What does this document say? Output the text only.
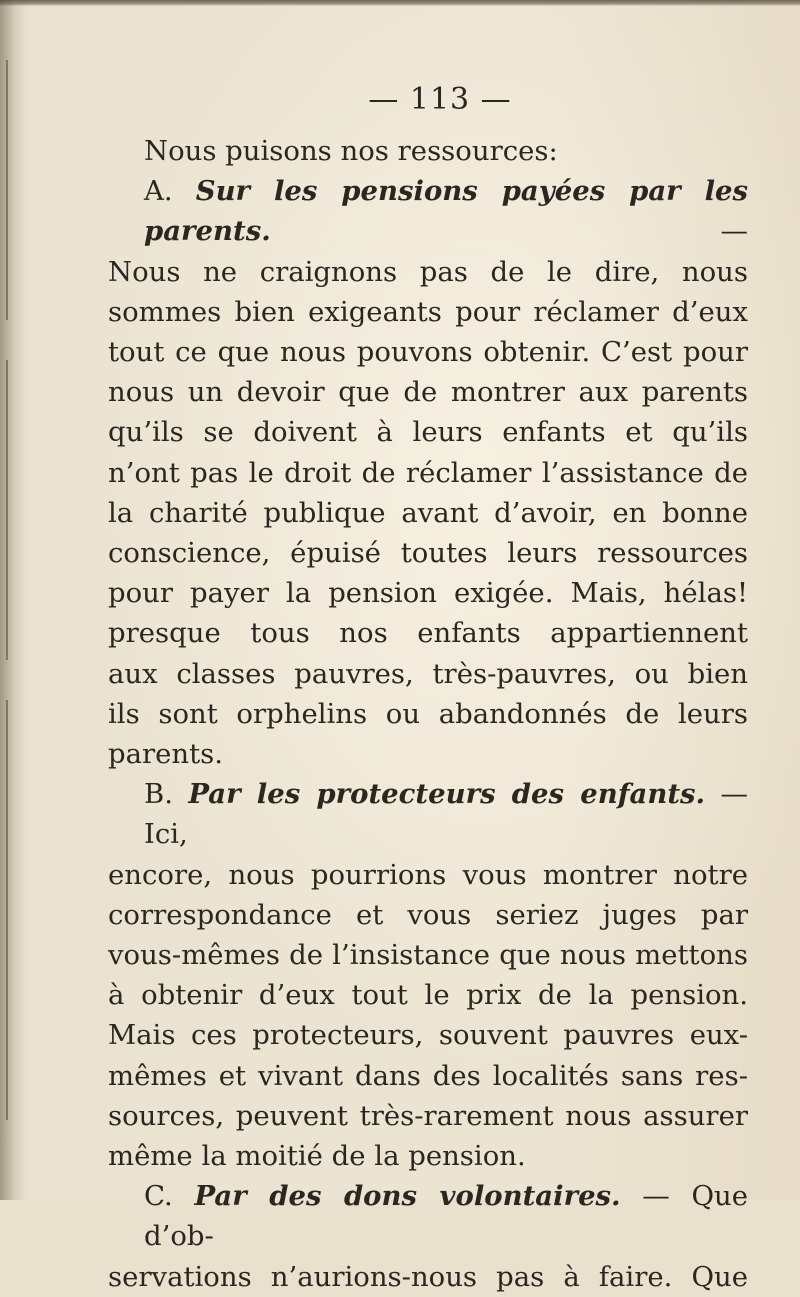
— 113 —

Nous puisons nos ressources:

A. Sur les pensions payées par les parents. —

Nous ne craignons pas de le dire, nous

sommes bien exigeants pour réclamer d’eux

tout ce que nous pouvons obtenir. C’est pour

nous un devoir que de montrer aux parents

qu’ils se doivent à leurs enfants et qu’ils

n’ont pas le droit de réclamer l’assistance de

la charité publique avant d’avoir, en bonne

conscience, épuisé toutes leurs ressources

pour payer la pension exigée. Mais, hélas!

presque tous nos enfants appartiennent

aux classes pauvres, très-pauvres, ou bien

ils sont orphelins ou abandonnés de leurs

parents.

B. Par les protecteurs des enfants. — Ici,

encore, nous pourrions vous montrer notre

correspondance et vous seriez juges par

vous-mêmes de l’insistance que nous mettons

à obtenir d’eux tout le prix de la pension.

Mais ces protecteurs, souvent pauvres eux-

mêmes et vivant dans des localités sans res-

sources, peuvent très-rarement nous assurer

même la moitié de la pension.

C. Par des dons volontaires. — Que d’ob-

servations n’aurions-nous pas à faire. Que
